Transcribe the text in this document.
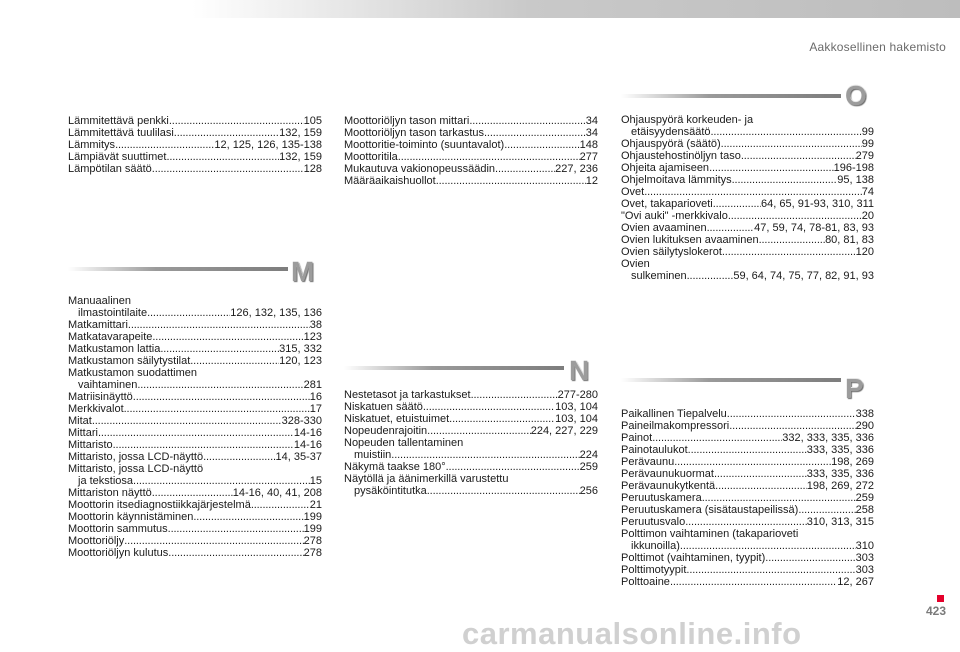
Aakkosellinen hakemisto
Lämmitettävä penkki . . .	105
Lämmitettävä tuulilasi . . .	132, 159
Lämmitys . . .	12, 125, 126, 135-138
Lämpiävät suuttimet . . .	132, 159
Lämpötilan säätö . . .	128
M
Manuaalinen
ilmastointilaite . . .	126, 132, 135, 136
Matkamittari . . .	38
Matkatavarapeite . . .	123
Matkustamon lattia . . .	315, 332
Matkustamon säilytystilat . . .	120, 123
Matkustamon suodattimen
vaihtaminen . . .	281
Matriisinäyttö . . .	16
Merkkivalot . . .	17
Mitat . . .	328-330
Mittari . . .	14-16
Mittaristo . . .	14-16
Mittaristo, jossa LCD-näyttö . . .	14, 35-37
Mittaristo, jossa LCD-näyttö
ja tekstiosa . . .	15
Mittariston näyttö . . .	14-16, 40, 41, 208
Moottorin itsediagnostiikkajärjestelmä . . .	21
Moottorin käynnistäminen . . .	199
Moottorin sammutus . . .	199
Moottoriöljy . . .	278
Moottoriöljyn kulutus . . .	278
Moottoriöljyn tason mittari . . .	34
Moottoriöljyn tason tarkastus . . .	34
Moottoritie-toiminto (suuntavalot) . . .	148
Moottoritila . . .	277
Mukautuva vakionopeussäädin . . .	227, 236
Määräaikaishuollot . . .	12
N
Nestetasot ja tarkastukset . . .	277-280
Niskatuen säätö . . .	103, 104
Niskatuet, etuistuimet . . .	103, 104
Nopeudenrajoitin . . .	224, 227, 229
Nopeuden tallentaminen
muistiin . . .	224
Näkymä taakse 180° . . .	259
Näytöllä ja äänimerkillä varustettu
pysäköintitutka . . .	256
O
Ohjauspyörä korkeuden- ja
etäisyydensäätö . . .	99
Ohjauspyörä (säätö) . . .	99
Ohjaustehostinöljyn taso . . .	279
Ohjeita ajamiseen . . .	196-198
Ohjelmoitava lämmitys . . .	95, 138
Ovet . . .	74
Ovet, takaparioveti . . .	64, 65, 91-93, 310, 311
"Ovi auki" -merkkivalo . . .	20
Ovien avaaminen . . .	47, 59, 74, 78-81, 83, 93
Ovien lukituksen avaaminen . . .	80, 81, 83
Ovien säilytyslokerot . . .	120
Ovien
sulkeminen . . .	59, 64, 74, 75, 77, 82, 91, 93
P
Paikallinen Tiepalvelu . . .	338
Paineilmakompressori . . .	290
Painot . . .	332, 333, 335, 336
Painotaulukot . . .	333, 335, 336
Perävaunu . . .	198, 269
Perävaunukuormat . . .	333, 335, 336
Perävaunukytkentä . . .	198, 269, 272
Peruutuskamera . . .	259
Peruutuskamera (sisätaustapeilissä) . . .	258
Peruutusvalo . . .	310, 313, 315
Polttimon vaihtaminen (takaparioveti
ikkunoilla) . . .	310
Polttimot (vaihtaminen, tyypit) . . .	303
Polttimotyypit . . .	303
Polttoaine . . .	12, 267
423
carmanualsonline.info
